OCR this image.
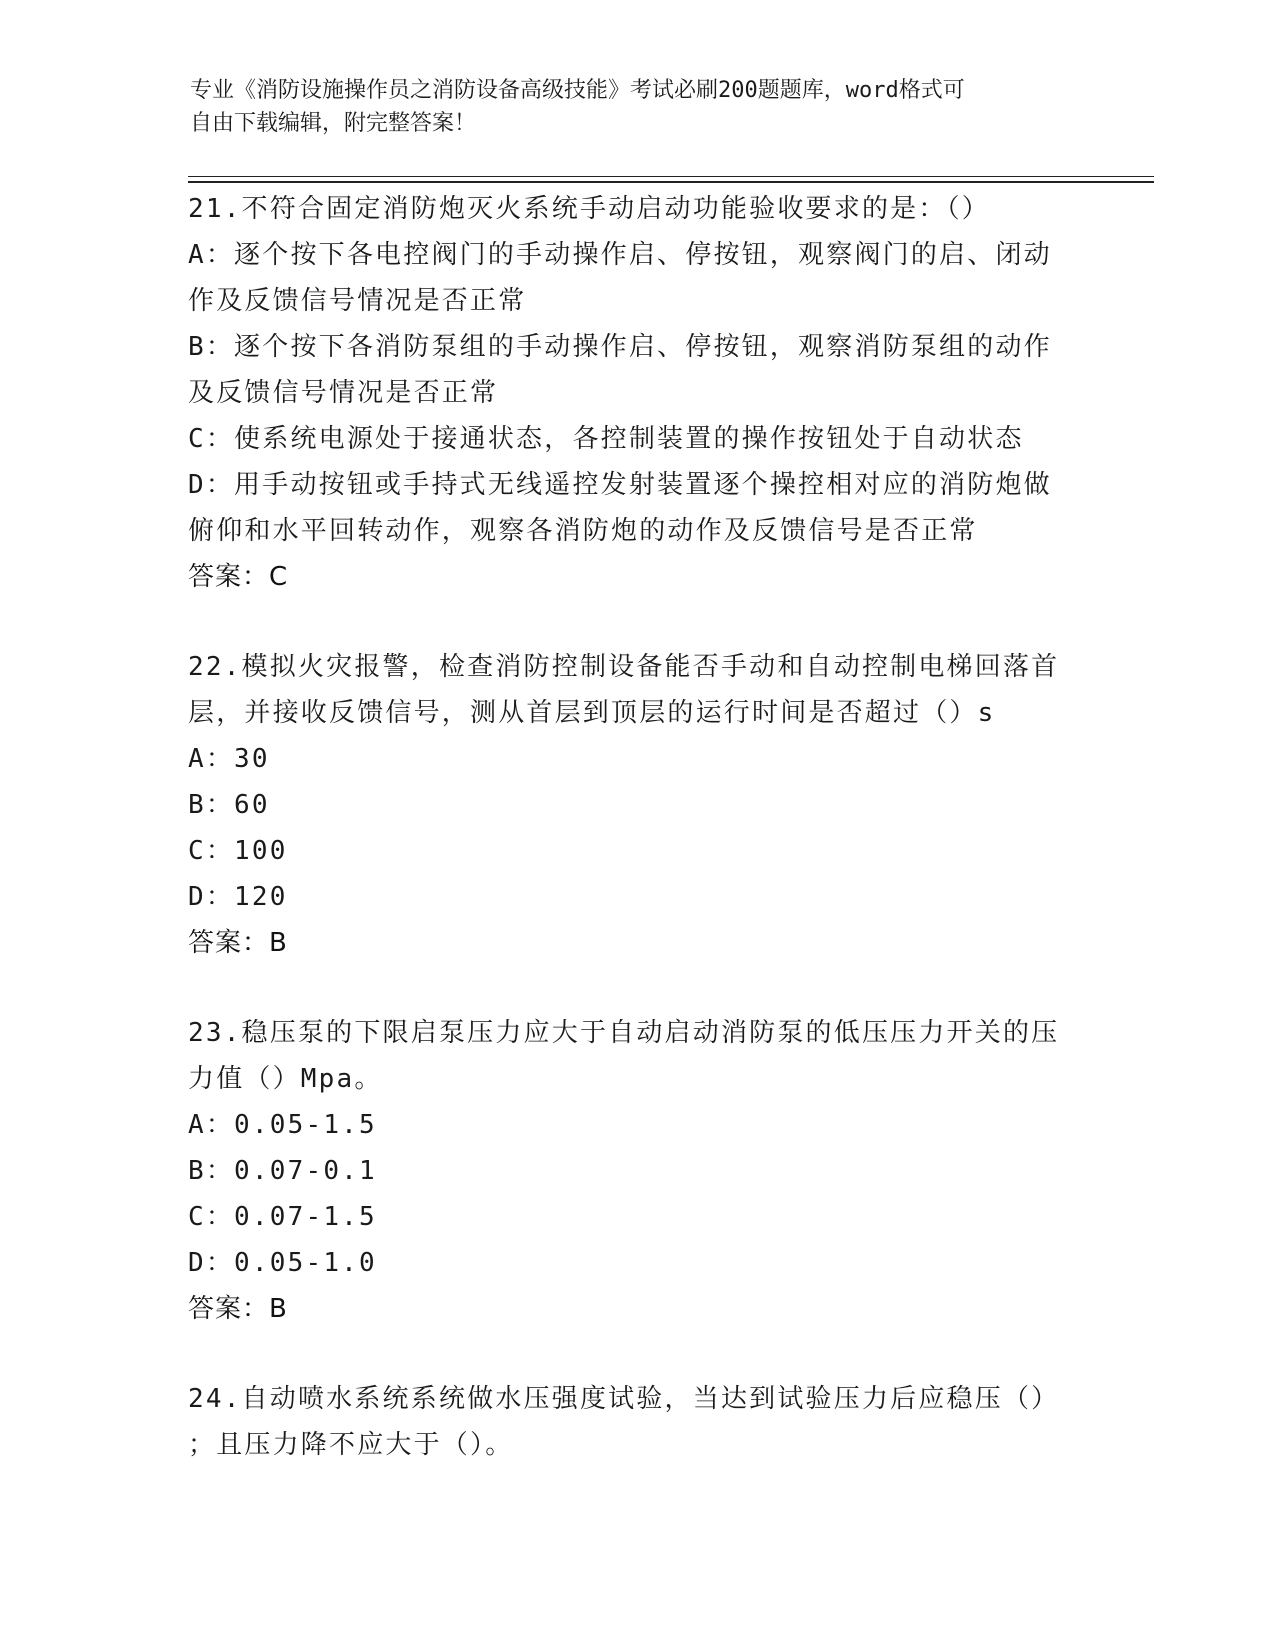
专业《消防设施操作员之消防设备高级技能》考试必刷200题题库，word格式可
自由下载编辑，附完整答案！
21.不符合固定消防炮灭火系统手动启动功能验收要求的是：（）
A：逐个按下各电控阀门的手动操作启、停按钮，观察阀门的启、闭动
作及反馈信号情况是否正常
B：逐个按下各消防泵组的手动操作启、停按钮，观察消防泵组的动作
及反馈信号情况是否正常
C：使系统电源处于接通状态，各控制装置的操作按钮处于自动状态
D：用手动按钮或手持式无线遥控发射装置逐个操控相对应的消防炮做
俯仰和水平回转动作，观察各消防炮的动作及反馈信号是否正常
答案：C
22.模拟火灾报警，检查消防控制设备能否手动和自动控制电梯回落首
层，并接收反馈信号，测从首层到顶层的运行时间是否超过（）s
A：30
B：60
C：100
D：120
答案：B
23.稳压泵的下限启泵压力应大于自动启动消防泵的低压压力开关的压
力值（）Mpa。
A：0.05-1.5
B：0.07-0.1
C：0.07-1.5
D：0.05-1.0
答案：B
24.自动喷水系统系统做水压强度试验，当达到试验压力后应稳压（）
；且压力降不应大于（）。
